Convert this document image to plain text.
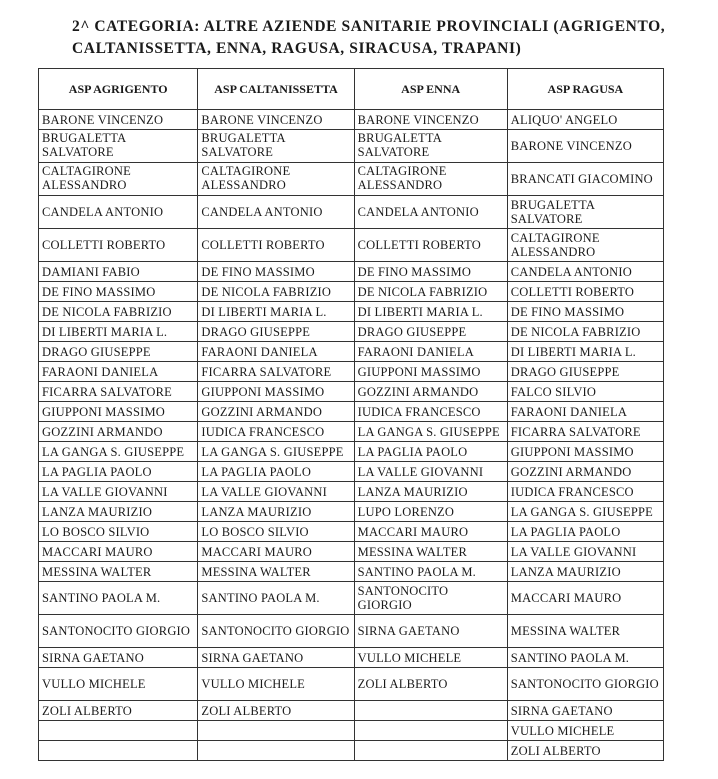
2^ CATEGORIA: ALTRE AZIENDE SANITARIE PROVINCIALI (AGRIGENTO,
CALTANISSETTA, ENNA, RAGUSA, SIRACUSA, TRAPANI)
ASP AGRIGENTO	ASP CALTANISSETTA	ASP ENNA	ASP RAGUSA
BARONE VINCENZO	BARONE VINCENZO	BARONE VINCENZO	ALIQUO' ANGELO
BRUGALETTA SALVATORE	BRUGALETTA SALVATORE	BRUGALETTA SALVATORE	BARONE VINCENZO
CALTAGIRONE ALESSANDRO	CALTAGIRONE ALESSANDRO	CALTAGIRONE ALESSANDRO	BRANCATI GIACOMINO
CANDELA ANTONIO	CANDELA ANTONIO	CANDELA ANTONIO	BRUGALETTA SALVATORE
COLLETTI ROBERTO	COLLETTI ROBERTO	COLLETTI ROBERTO	CALTAGIRONE ALESSANDRO
DAMIANI FABIO	DE FINO MASSIMO	DE FINO MASSIMO	CANDELA ANTONIO
DE FINO MASSIMO	DE NICOLA FABRIZIO	DE NICOLA FABRIZIO	COLLETTI ROBERTO
DE NICOLA FABRIZIO	DI LIBERTI MARIA L.	DI LIBERTI MARIA L.	DE FINO MASSIMO
DI LIBERTI MARIA L.	DRAGO GIUSEPPE	DRAGO GIUSEPPE	DE NICOLA FABRIZIO
DRAGO GIUSEPPE	FARAONI DANIELA	FARAONI DANIELA	DI LIBERTI MARIA L.
FARAONI DANIELA	FICARRA SALVATORE	GIUPPONI MASSIMO	DRAGO GIUSEPPE
FICARRA SALVATORE	GIUPPONI MASSIMO	GOZZINI ARMANDO	FALCO SILVIO
GIUPPONI MASSIMO	GOZZINI ARMANDO	IUDICA FRANCESCO	FARAONI DANIELA
GOZZINI ARMANDO	IUDICA FRANCESCO	LA GANGA S. GIUSEPPE	FICARRA SALVATORE
LA GANGA S. GIUSEPPE	LA GANGA S. GIUSEPPE	LA PAGLIA PAOLO	GIUPPONI MASSIMO
LA PAGLIA PAOLO	LA PAGLIA PAOLO	LA VALLE GIOVANNI	GOZZINI ARMANDO
LA VALLE GIOVANNI	LA VALLE GIOVANNI	LANZA MAURIZIO	IUDICA FRANCESCO
LANZA MAURIZIO	LANZA MAURIZIO	LUPO LORENZO	LA GANGA S. GIUSEPPE
LO BOSCO SILVIO	LO BOSCO SILVIO	MACCARI MAURO	LA PAGLIA PAOLO
MACCARI MAURO	MACCARI MAURO	MESSINA WALTER	LA VALLE GIOVANNI
MESSINA WALTER	MESSINA WALTER	SANTINO PAOLA M.	LANZA MAURIZIO
SANTINO PAOLA M.	SANTINO PAOLA M.	SANTONOCITO GIORGIO	MACCARI MAURO
SANTONOCITO GIORGIO	SANTONOCITO GIORGIO	SIRNA GAETANO	MESSINA WALTER
SIRNA GAETANO	SIRNA GAETANO	VULLO MICHELE	SANTINO PAOLA M.
VULLO MICHELE	VULLO MICHELE	ZOLI ALBERTO	SANTONOCITO GIORGIO
ZOLI ALBERTO	ZOLI ALBERTO		SIRNA GAETANO
			VULLO MICHELE
			ZOLI ALBERTO
